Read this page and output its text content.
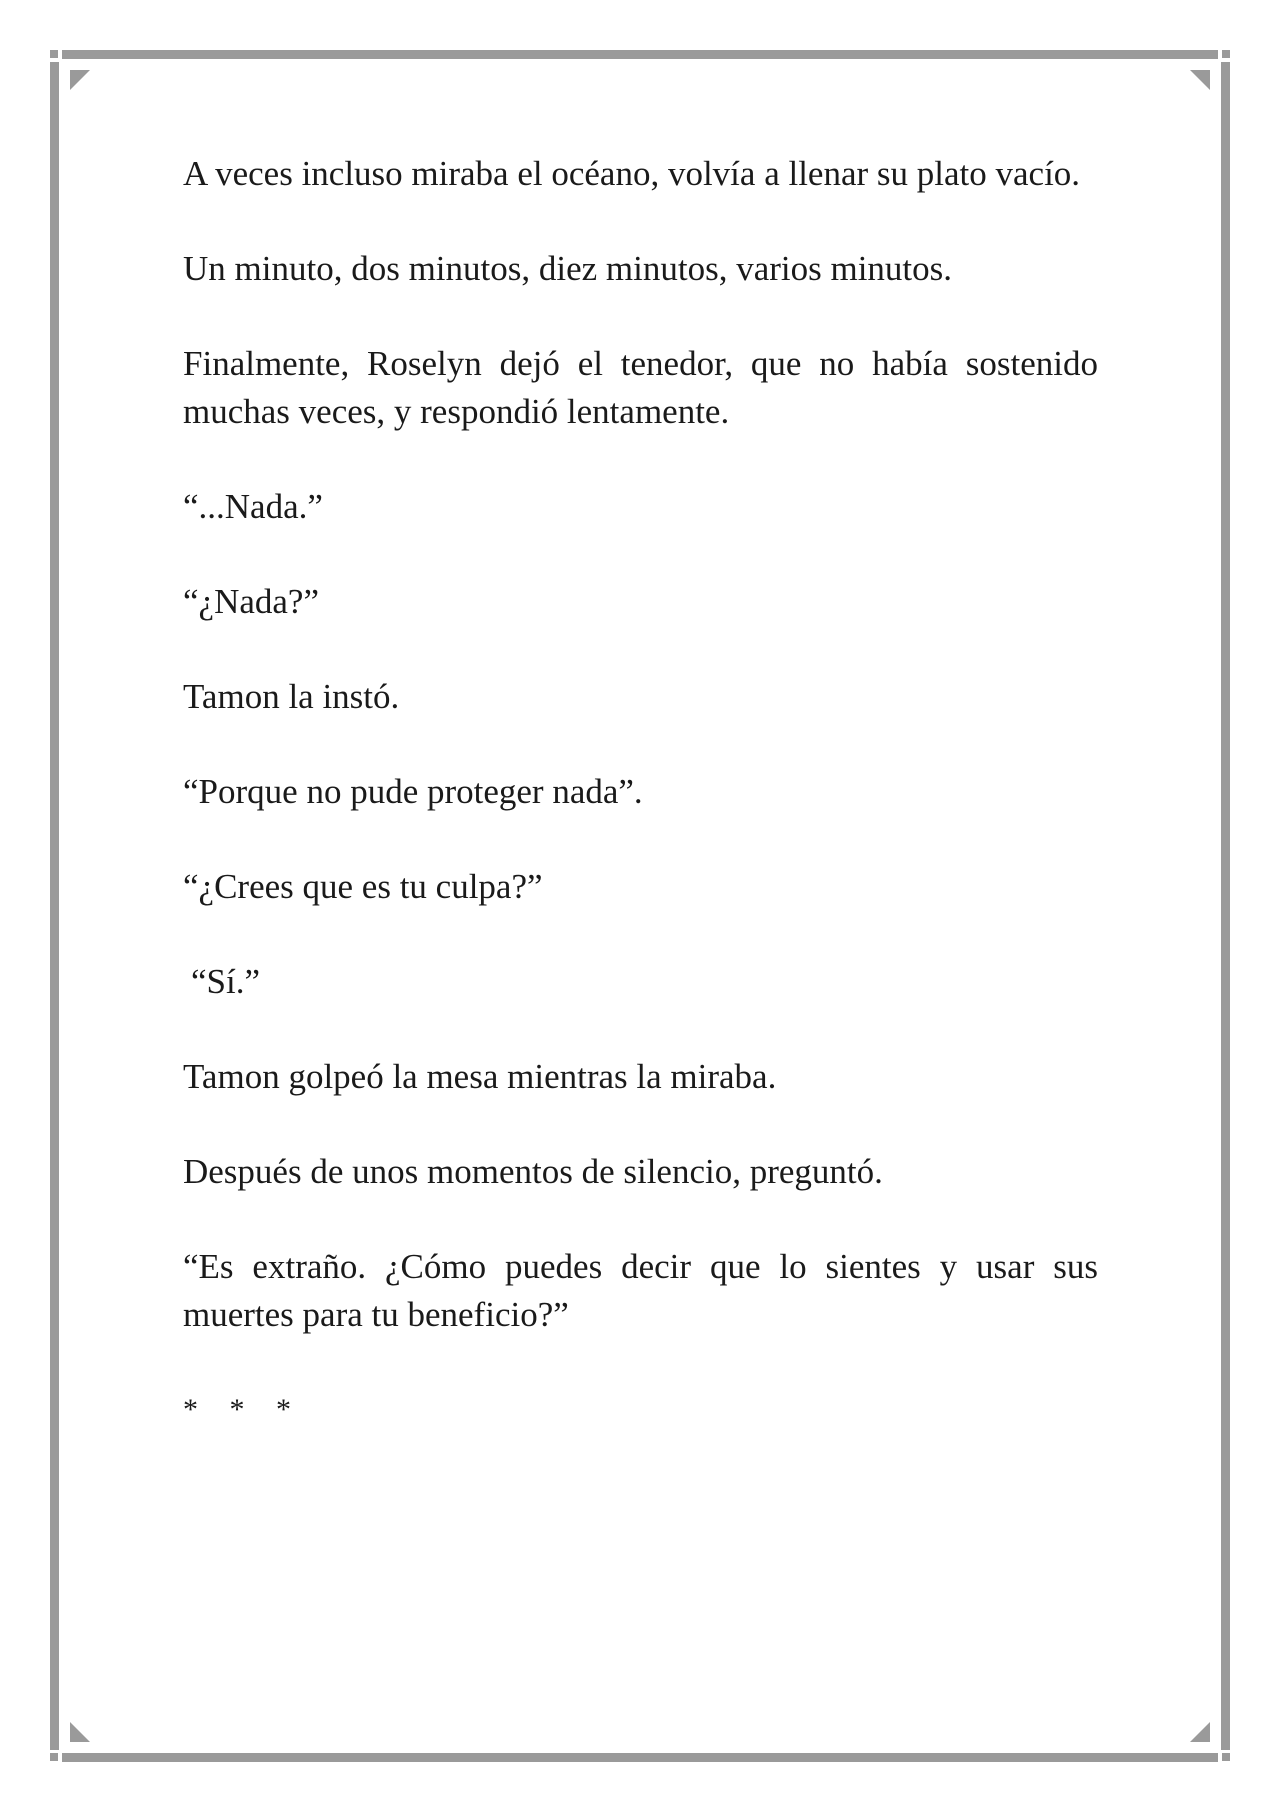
A veces incluso miraba el océano, volvía a llenar su plato vacío.

Un minuto, dos minutos, diez minutos, varios minutos.

Finalmente, Roselyn dejó el tenedor, que no había sostenido muchas veces, y respondió lentamente.

“...Nada.”

“¿Nada?”

Tamon la instó.

“Porque no pude proteger nada”.

“¿Crees que es tu culpa?”

“Sí.”

Tamon golpeó la mesa mientras la miraba.

Después de unos momentos de silencio, preguntó.

“Es extraño. ¿Cómo puedes decir que lo sientes y usar sus muertes para tu beneficio?”

* * *
